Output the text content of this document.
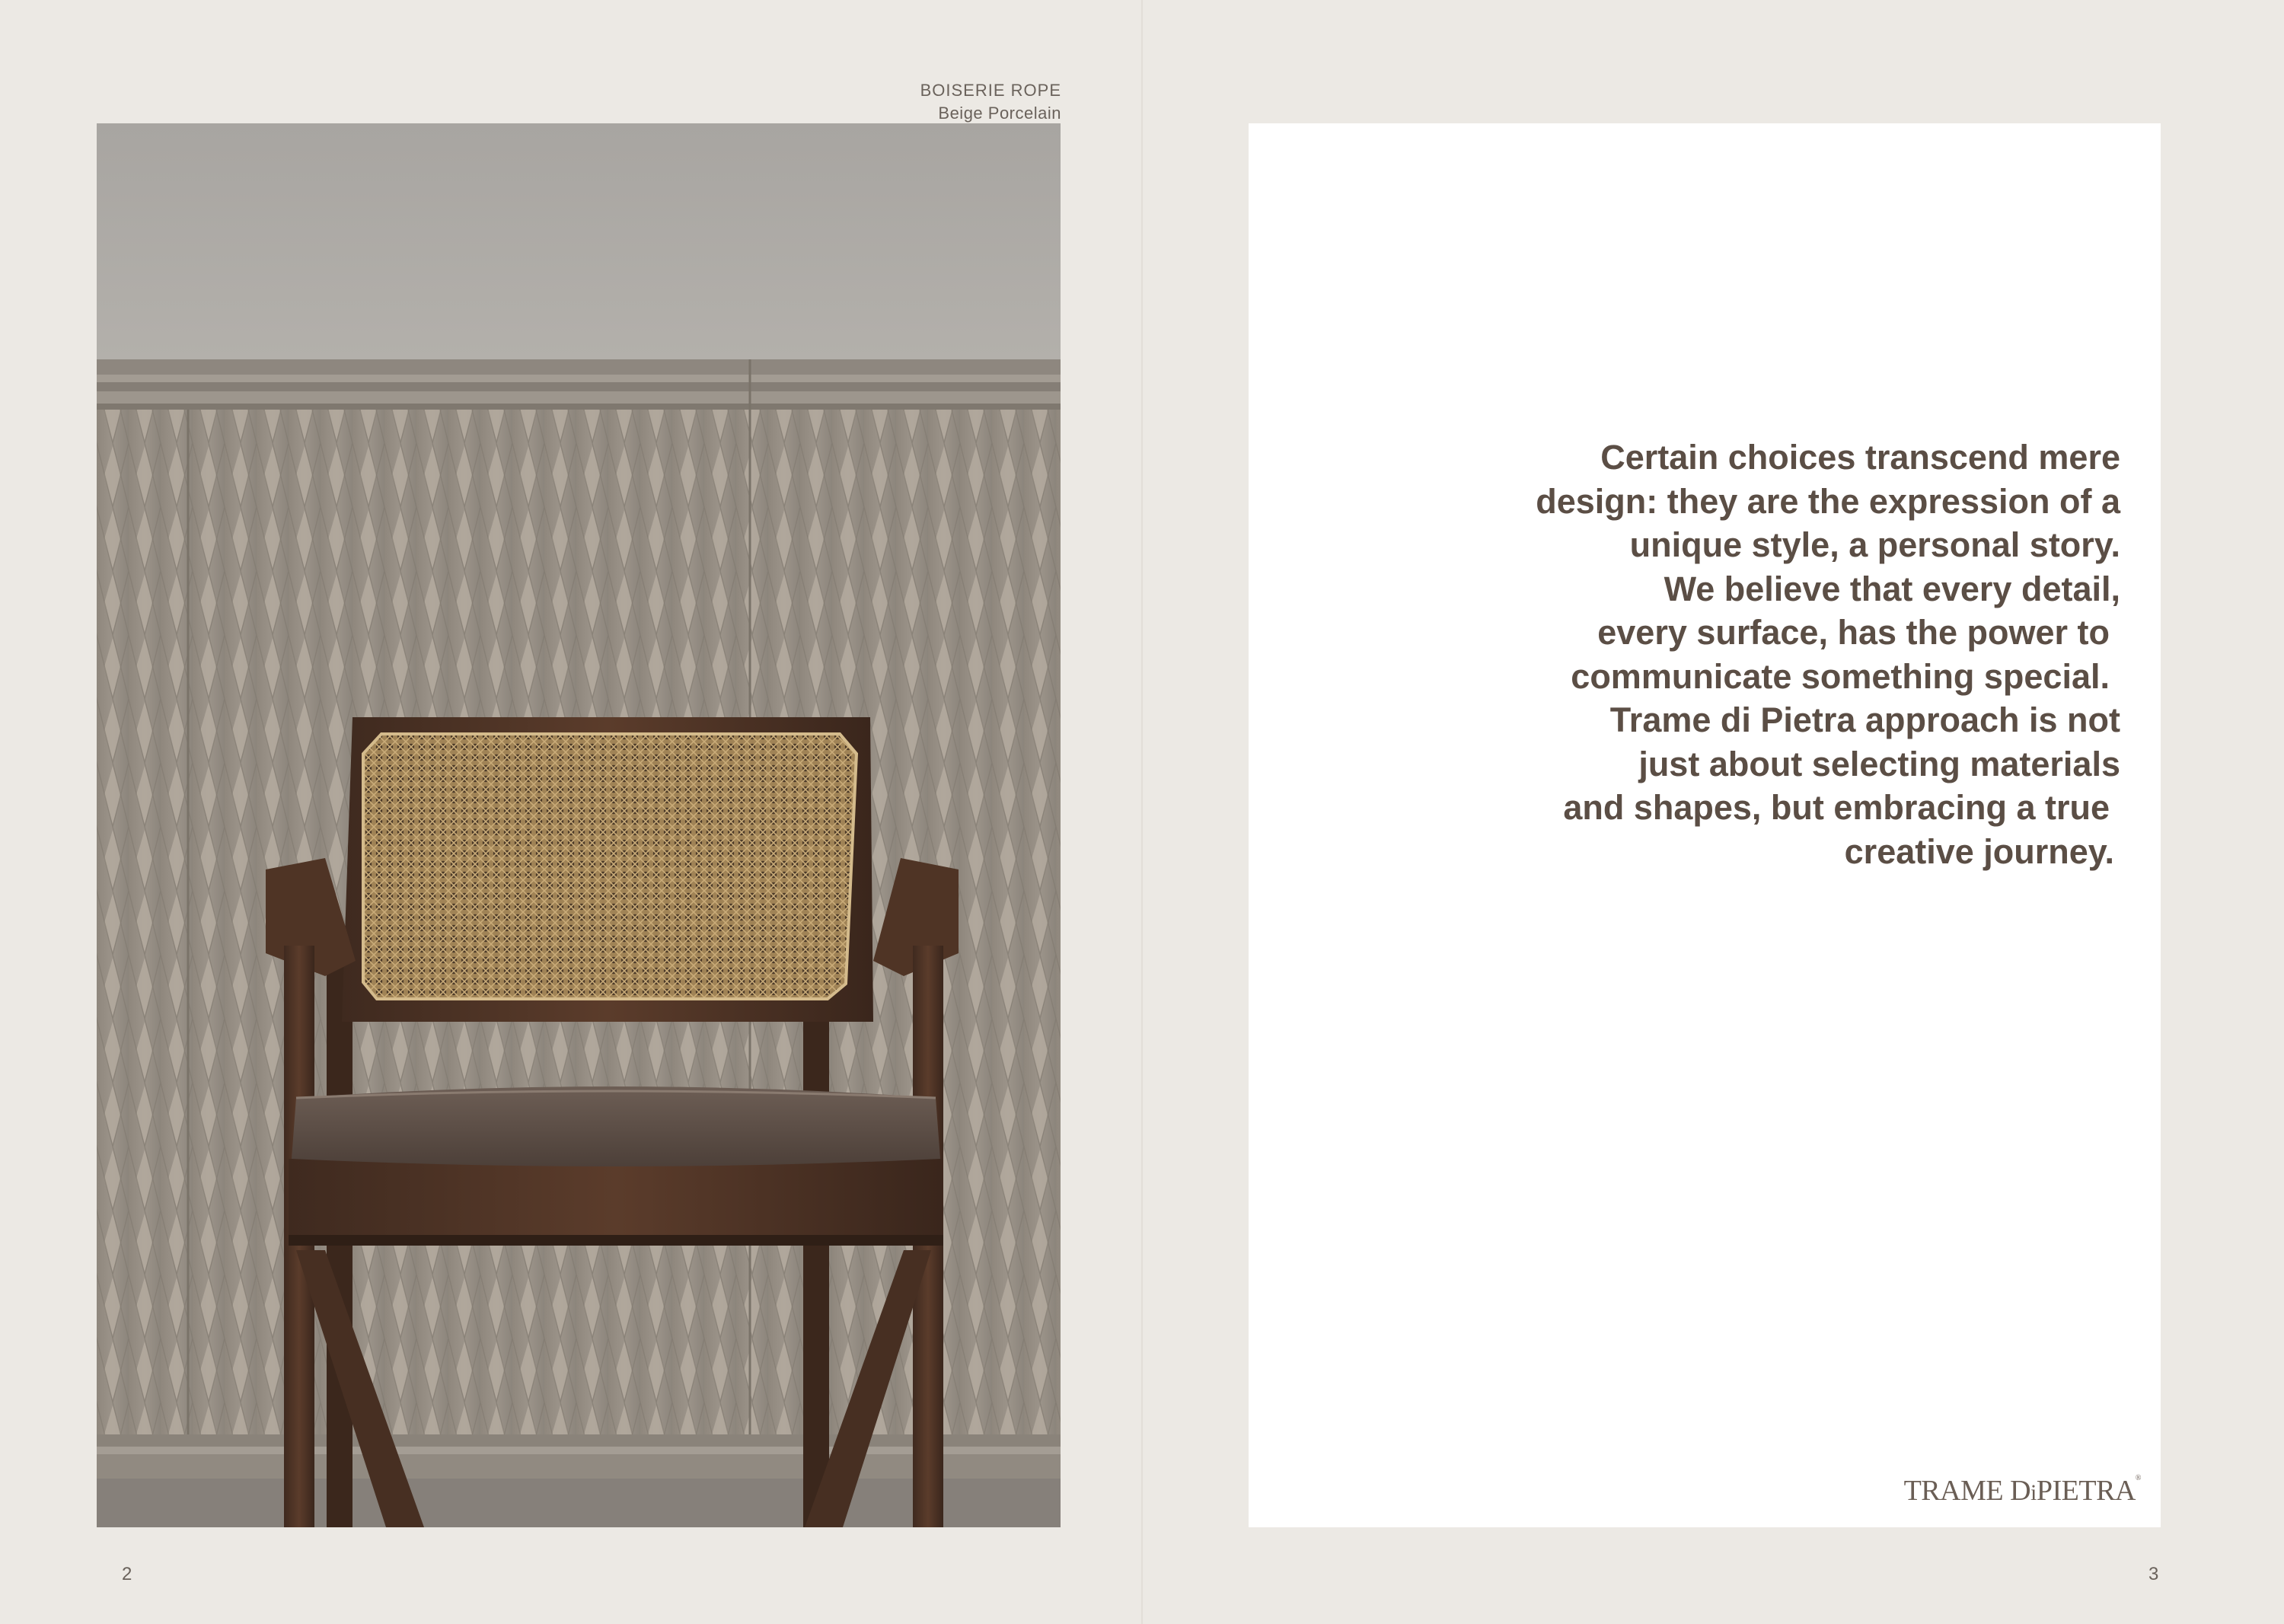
BOISERIE ROPE
Beige Porcelain
2

Certain choices transcend mere
design: they are the expression of a
unique style, a personal story.
We believe that every detail,
every surface, has the power to
communicate something special.
Trame di Pietra approach is not
just about selecting materials
and shapes, but embracing a true
creative journey.

TRAME DiPIETRA®
3
